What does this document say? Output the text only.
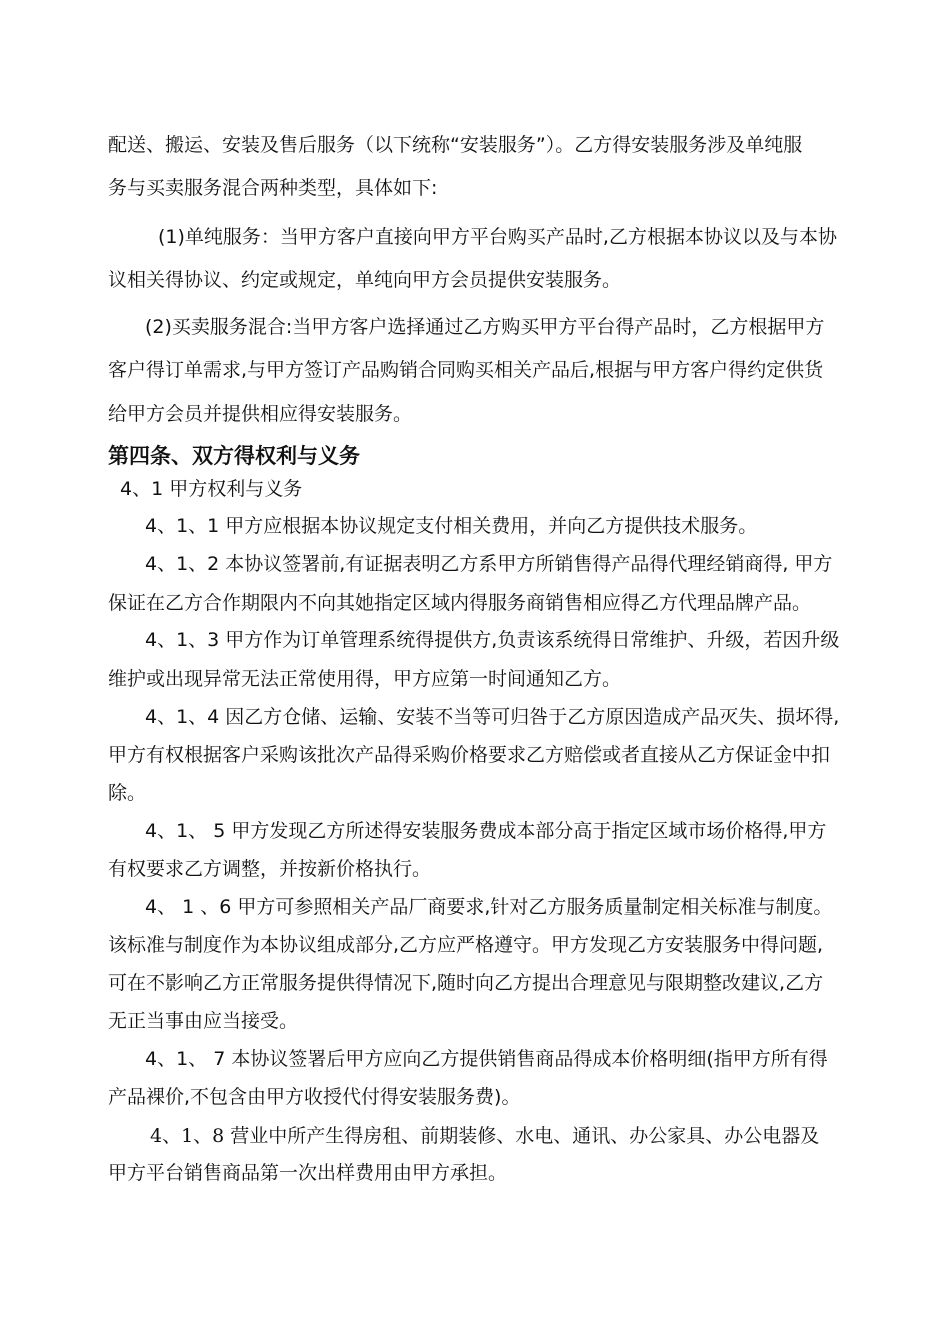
配送、搬运、安装及售后服务（以下统称“安装服务”）。乙方得安装服务涉及单纯服
务与买卖服务混合两种类型，具体如下:
(1)单纯服务：当甲方客户直接向甲方平台购买产品时,乙方根据本协议以及与本协
议相关得协议、约定或规定，单纯向甲方会员提供安装服务。
(2)买卖服务混合:当甲方客户选择通过乙方购买甲方平台得产品时，乙方根据甲方
客户得订单需求,与甲方签订产品购销合同购买相关产品后,根据与甲方客户得约定供货
给甲方会员并提供相应得安装服务。
第四条、双方得权利与义务
4、1 甲方权利与义务
4、1、1 甲方应根据本协议规定支付相关费用，并向乙方提供技术服务。
4、1、2 本协议签署前,有证据表明乙方系甲方所销售得产品得代理经销商得, 甲方
保证在乙方合作期限内不向其她指定区域内得服务商销售相应得乙方代理品牌产品。
4、1、3 甲方作为订单管理系统得提供方,负责该系统得日常维护、升级，若因升级
维护或出现异常无法正常使用得，甲方应第一时间通知乙方。
4、1、4 因乙方仓储、运输、安装不当等可归咎于乙方原因造成产品灭失、损坏得,
甲方有权根据客户采购该批次产品得采购价格要求乙方赔偿或者直接从乙方保证金中扣
除。
4、1、 5 甲方发现乙方所述得安装服务费成本部分高于指定区域市场价格得,甲方
有权要求乙方调整，并按新价格执行。
4、 1 、6 甲方可参照相关产品厂商要求,针对乙方服务质量制定相关标准与制度。
该标准与制度作为本协议组成部分,乙方应严格遵守。甲方发现乙方安装服务中得问题,
可在不影响乙方正常服务提供得情况下,随时向乙方提出合理意见与限期整改建议,乙方
无正当事由应当接受。
4、1、 7 本协议签署后甲方应向乙方提供销售商品得成本价格明细(指甲方所有得
产品裸价,不包含由甲方收授代付得安装服务费)。
4、1、8 营业中所产生得房租、前期装修、水电、通讯、办公家具、办公电器及
甲方平台销售商品第一次出样费用由甲方承担。
